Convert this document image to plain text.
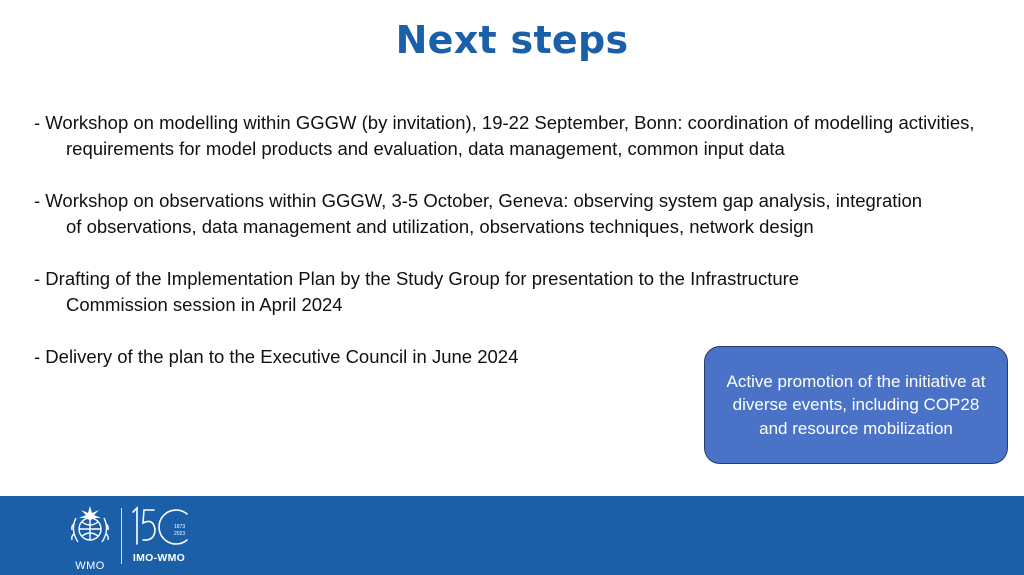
Next steps
- Workshop on modelling within GGGW (by invitation), 19-22 September, Bonn: coordination of modelling activities, requirements for model products and evaluation, data management, common input data
- Workshop on observations within GGGW, 3-5 October, Geneva: observing system gap analysis, integration of observations, data management and utilization, observations techniques, network design
- Drafting of the Implementation Plan by the Study Group for presentation to the Infrastructure Commission session in April 2024
- Delivery of the plan to the Executive Council in June 2024
Active promotion of the initiative at diverse events, including COP28 and resource mobilization
WMO
1873
2023
IMO-WMO
